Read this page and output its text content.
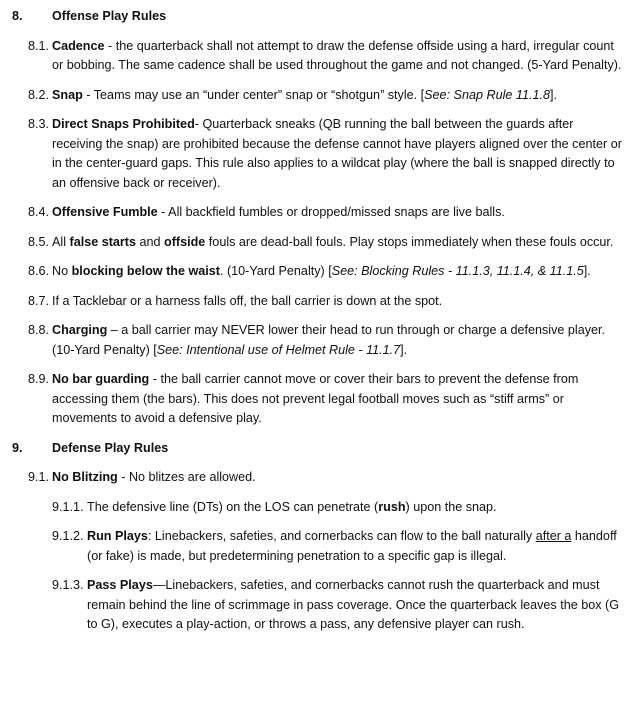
8.	Offense Play Rules
8.1. Cadence - the quarterback shall not attempt to draw the defense offside using a hard, irregular count or bobbing. The same cadence shall be used throughout the game and not changed. (5-Yard Penalty).
8.2. Snap - Teams may use an “under center” snap or “shotgun” style. [See: Snap Rule 11.1.8].
8.3. Direct Snaps Prohibited- Quarterback sneaks (QB running the ball between the guards after receiving the snap) are prohibited because the defense cannot have players aligned over the center or in the center-guard gaps. This rule also applies to a wildcat play (where the ball is snapped directly to an offensive back or receiver).
8.4. Offensive Fumble - All backfield fumbles or dropped/missed snaps are live balls.
8.5. All false starts and offside fouls are dead-ball fouls. Play stops immediately when these fouls occur.
8.6. No blocking below the waist. (10-Yard Penalty) [See: Blocking Rules - 11.1.3, 11.1.4, & 11.1.5].
8.7. If a Tacklebar or a harness falls off, the ball carrier is down at the spot.
8.8. Charging – a ball carrier may NEVER lower their head to run through or charge a defensive player. (10-Yard Penalty) [See: Intentional use of Helmet Rule - 11.1.7].
8.9. No bar guarding - the ball carrier cannot move or cover their bars to prevent the defense from accessing them (the bars). This does not prevent legal football moves such as “stiff arms” or movements to avoid a defensive play.
9.	Defense Play Rules
9.1. No Blitzing - No blitzes are allowed.
9.1.1. The defensive line (DTs) on the LOS can penetrate (rush) upon the snap.
9.1.2. Run Plays: Linebackers, safeties, and cornerbacks can flow to the ball naturally after a handoff (or fake) is made, but predetermining penetration to a specific gap is illegal.
9.1.3. Pass Plays—Linebackers, safeties, and cornerbacks cannot rush the quarterback and must remain behind the line of scrimmage in pass coverage. Once the quarterback leaves the box (G to G), executes a play-action, or throws a pass, any defensive player can rush.
